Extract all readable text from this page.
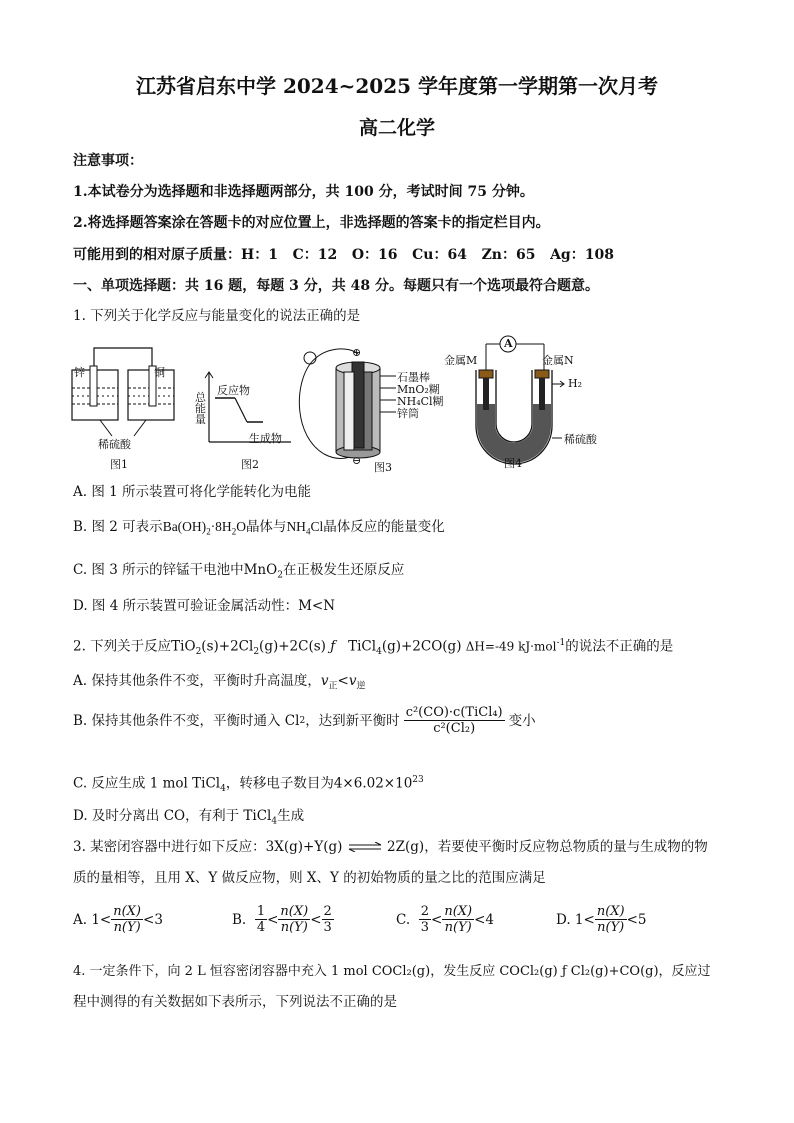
江苏省启东中学 2024~2025 学年度第一学期第一次月考
高二化学
注意事项：
1.本试卷分为选择题和非选择题两部分，共 100 分，考试时间 75 分钟。
2.将选择题答案涂在答题卡的对应位置上，非选择题的答案卡的指定栏目内。
可能用到的相对原子质量：H：1   C：12   O：16   Cu：64   Zn：65   Ag：108
一、单项选择题：共 16 题，每题 3 分，共 48 分。每题只有一个选项最符合题意。
1. 下列关于化学反应与能量变化的说法正确的是
锌	铜
稀硫酸
图1
总能量
反应物
生成物
图2
⊕
⊖
石墨棒
MnO₂糊
NH₄Cl糊
锌筒
图3
金属M	金属N
A
H₂
稀硫酸
图4
A. 图 1 所示装置可将化学能转化为电能
B. 图 2 可表示$Ba(OH)_2\cdot 8H_2O$晶体与$NH_4Cl$晶体反应的能量变化
C. 图 3 所示的锌锰干电池中MnO$_2$在正极发生还原反应
D. 图 4 所示装置可验证金属活动性：M<N
2. 下列关于反应$TiO_2(s)+2Cl_2(g)+2C(s)$ ƒ TiCl$_4$(g)+2CO(g) ΔH=-49 kJ·mol$^{-1}$的说法不正确的是
A. 保持其他条件不变，平衡时升高温度，$v_正<v_逆$
B. 保持其他条件不变，平衡时通入 Cl 2 ，达到新平衡时 $\frac{\text{c²(CO)·c(TiCl₄)}}{\text{c²(Cl₂)}}$ 变小
C. 反应生成 1 mol TiCl$_4$，转移电子数目为$4\times 6.02\times 10^{23}$
D. 及时分离出 CO，有利于 TiCl$_4$生成
3. 某密闭容器中进行如下反应：3X(g)+Y(g) ⇌ 2Z(g)，若要使平衡时反应物总物质的量与生成物的物
质的量相等，且用 X、Y 做反应物，则 X、Y 的初始物质的量之比的范围应满足
A. $1< \frac{n(X)}{n(Y)} <3$	B.
$\frac{1}{4} < \frac{n(X)}{n(Y)} < \frac{2}{3}$	C.
$\frac{2}{3} < \frac{n(X)}{n(Y)} <4$	D. $1< \frac{n(X)}{n(Y)} <5$
4. 一定条件下，向 2 L 恒容密闭容器中充入 1 mol COCl₂(g)，发生反应 COCl₂(g) ƒ Cl₂(g)+CO(g)，反应过
程中测得的有关数据如下表所示，下列说法不正确的是
